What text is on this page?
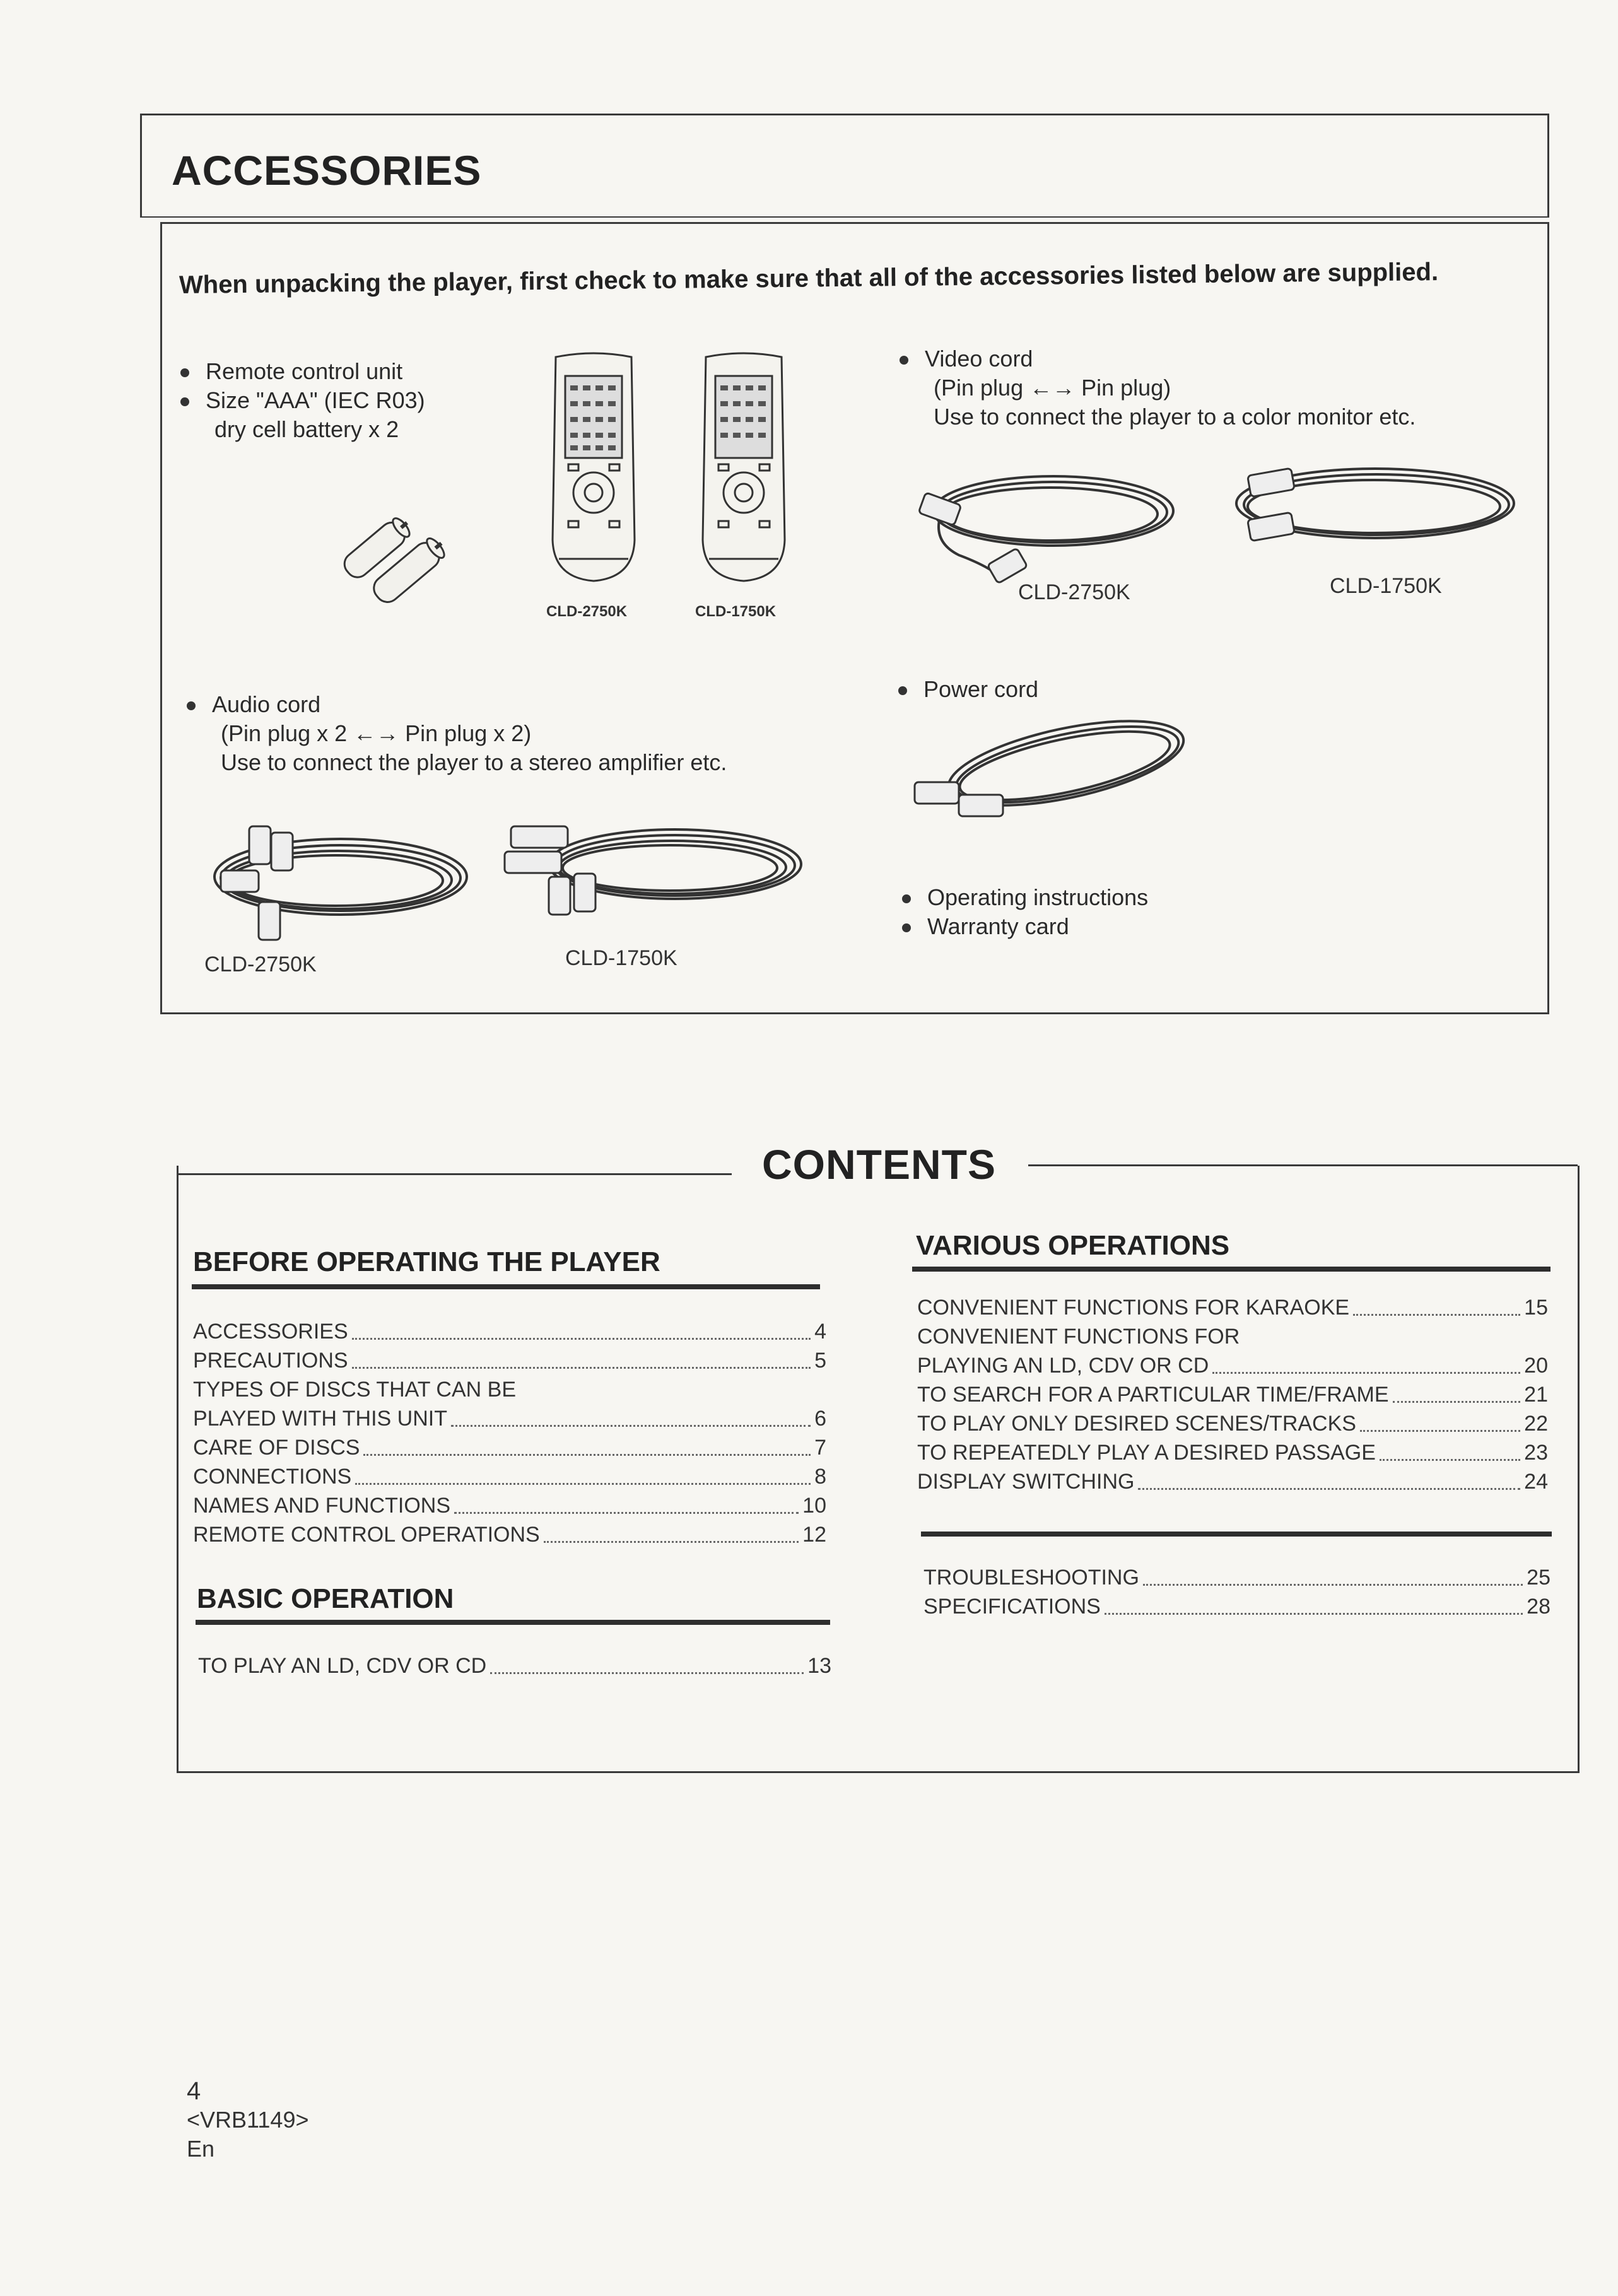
ACCESSORIES
When unpacking the player, first check to make sure that all of the accessories listed below are supplied.
Remote control unit
Size "AAA" (IEC R03)
dry cell battery x 2
CLD-2750K	CLD-1750K
Video cord
(Pin plug ←→ Pin plug)
Use to connect the player to a color monitor etc.
CLD-2750K	CLD-1750K
Audio cord
(Pin plug x 2 ←→ Pin plug x 2)
Use to connect the player to a stereo amplifier etc.
CLD-2750K	CLD-1750K
Power cord
Operating instructions
Warranty card
CONTENTS
BEFORE OPERATING THE PLAYER
ACCESSORIES	4
PRECAUTIONS	5
TYPES OF DISCS THAT CAN BE
PLAYED WITH THIS UNIT	6
CARE OF DISCS	7
CONNECTIONS	8
NAMES AND FUNCTIONS	10
REMOTE CONTROL OPERATIONS	12
BASIC OPERATION
TO PLAY AN LD, CDV OR CD	13
VARIOUS OPERATIONS
CONVENIENT FUNCTIONS FOR KARAOKE	15
CONVENIENT FUNCTIONS FOR
PLAYING AN LD, CDV OR CD	20
TO SEARCH FOR A PARTICULAR TIME/FRAME	21
TO PLAY ONLY DESIRED SCENES/TRACKS	22
TO REPEATEDLY PLAY A DESIRED PASSAGE	23
DISPLAY SWITCHING	24
TROUBLESHOOTING	25
SPECIFICATIONS	28
4
<VRB1149>
En
